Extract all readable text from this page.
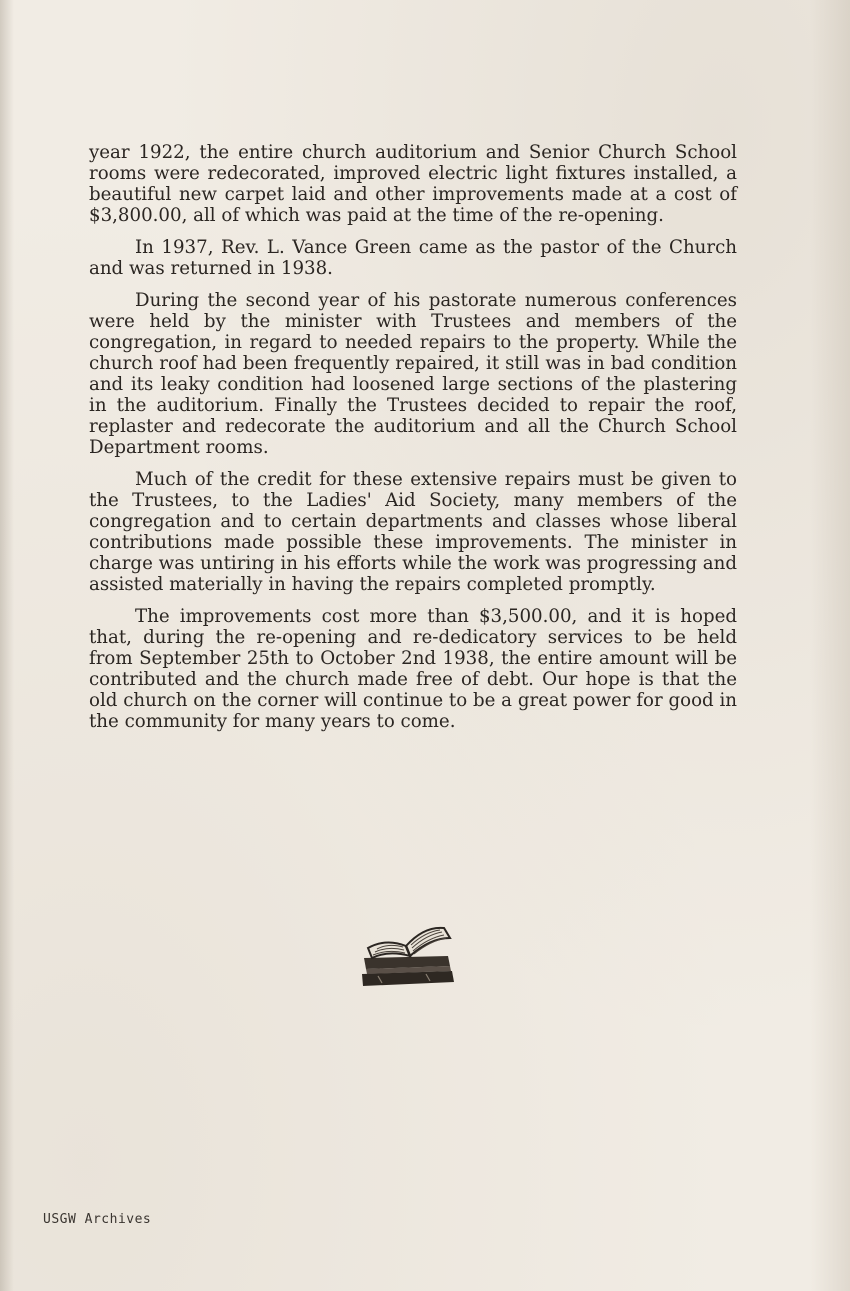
year 1922, the entire church auditorium and Senior Church School rooms were redecorated, improved electric light fixtures installed, a beautiful new carpet laid and other improvements made at a cost of $3,800.00, all of which was paid at the time of the re-opening.

In 1937, Rev. L. Vance Green came as the pastor of the Church and was returned in 1938.

During the second year of his pastorate numerous conferences were held by the minister with Trustees and members of the congregation, in regard to needed repairs to the property. While the church roof had been frequently repaired, it still was in bad condition and its leaky condition had loosened large sections of the plastering in the auditorium. Finally the Trustees decided to repair the roof, replaster and redecorate the auditorium and all the Church School Department rooms.

Much of the credit for these extensive repairs must be given to the Trustees, to the Ladies' Aid Society, many members of the congregation and to certain departments and classes whose liberal contributions made possible these improvements. The minister in charge was untiring in his efforts while the work was progressing and assisted materially in having the repairs completed promptly.

The improvements cost more than $3,500.00, and it is hoped that, during the re-opening and re-dedicatory services to be held from September 25th to October 2nd 1938, the entire amount will be contributed and the church made free of debt. Our hope is that the old church on the corner will continue to be a great power for good in the community for many years to come.

USGW Archives
